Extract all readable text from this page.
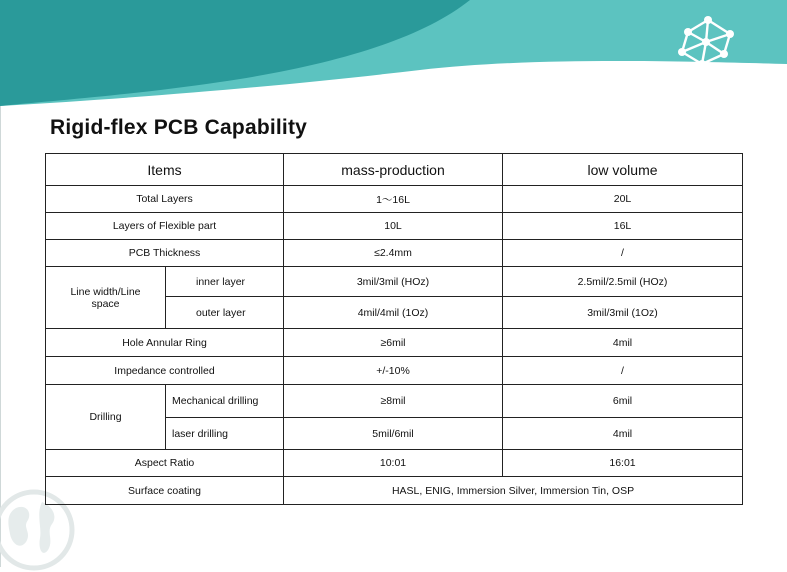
Rigid-flex PCB Capability
Items		mass-production	low volume
Total Layers		1～16L	20L
Layers of Flexible part		10L	16L
PCB Thickness		≤2.4mm	/
Line width/Line space	inner layer	3mil/3mil (HOz)	2.5mil/2.5mil (HOz)
	outer layer	4mil/4mil (1Oz)	3mil/3mil (1Oz)
Hole Annular Ring		≥6mil	4mil
Impedance controlled		+/-10%	/
Drilling	Mechanical drilling	≥8mil	6mil
	laser drilling	5mil/6mil	4mil
Aspect Ratio		10:01	16:01
Surface coating		HASL, ENIG, Immersion Silver, Immersion Tin, OSP	
